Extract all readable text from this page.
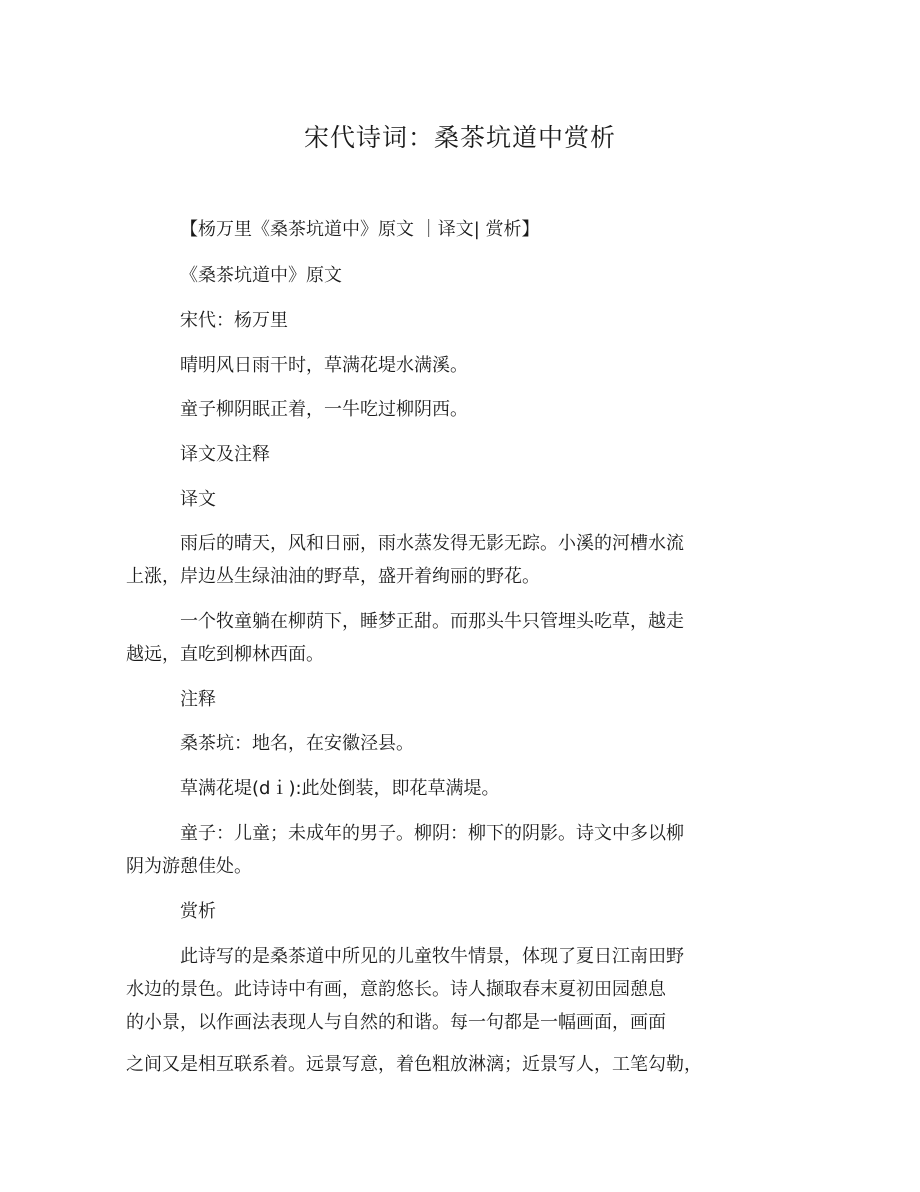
宋代诗词：桑茶坑道中赏析
【杨万里《桑茶坑道中》原文 ｜译文| 赏析】
《桑茶坑道中》原文
宋代：杨万里
晴明风日雨干时，草满花堤水满溪。
童子柳阴眠正着，一牛吃过柳阴西。
译文及注释
译文
雨后的晴天，风和日丽，雨水蒸发得无影无踪。小溪的河槽水流
上涨，岸边丛生绿油油的野草，盛开着绚丽的野花。
一个牧童躺在柳荫下，睡梦正甜。而那头牛只管埋头吃草，越走
越远，直吃到柳林西面。
注释
桑茶坑：地名，在安徽泾县。
草满花堤(dｉ):此处倒装，即花草满堤。
童子：儿童；未成年的男子。柳阴：柳下的阴影。诗文中多以柳
阴为游憩佳处。
赏析
此诗写的是桑茶道中所见的儿童牧牛情景，体现了夏日江南田野
水边的景色。此诗诗中有画，意韵悠长。诗人撷取春末夏初田园憩息
的小景，以作画法表现人与自然的和谐。每一句都是一幅画面，画面
之间又是相互联系着。远景写意，着色粗放淋漓；近景写人，工笔勾勒，
